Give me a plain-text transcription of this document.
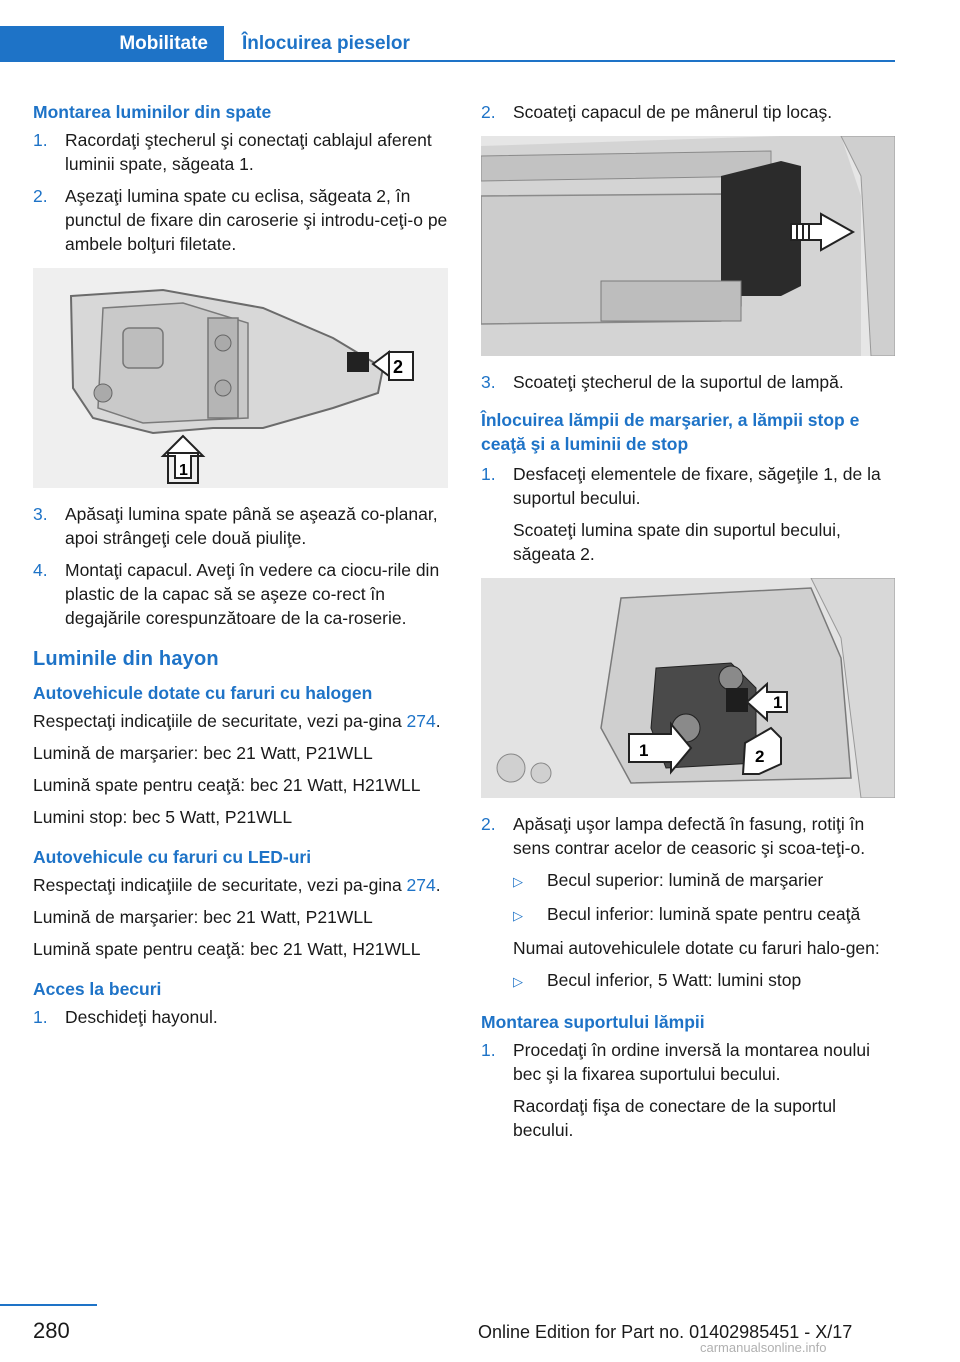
Mobilitate Înlocuirea pieselor
Montarea luminilor din spate
1. Racordaţi ştecherul şi conectaţi cablajul aferent luminii spate, săgeata 1.
2. Aşezaţi lumina spate cu eclisa, săgeata 2, în punctul de fixare din caroserie şi introdu‐ceţi-o pe ambele bolţuri filetate.
2
1
3. Apăsaţi lumina spate până se aşează co‐planar, apoi strângeţi cele două piuliţe.
4. Montaţi capacul. Aveţi în vedere ca ciocu‐rile din plastic de la capac să se aşeze co‐rect în degajările corespunzătoare de la ca‐roserie.
Luminile din hayon
Autovehicule dotate cu faruri cu halogen

Respectaţi indicaţiile de securitate, vezi pa‐gina 274.

Lumină de marşarier: bec 21 Watt, P21WLL

Lumină spate pentru ceaţă: bec 21 Watt, H21WLL

Lumini stop: bec 5 Watt, P21WLL

Autovehicule cu faruri cu LED-uri

Respectaţi indicaţiile de securitate, vezi pa‐gina 274.

Lumină de marşarier: bec 21 Watt, P21WLL

Lumină spate pentru ceaţă: bec 21 Watt, H21WLL

Acces la becuri
1. Deschideţi hayonul.
2. Scoateţi capacul de pe mânerul tip locaş.
3. Scoateţi ştecherul de la suportul de lampă.
Înlocuirea lămpii de marşarier, a lămpii stop e ceaţă şi a luminii de stop
1. Desfaceţi elementele de fixare, săgeţile 1, de la suportul becului.
Scoateţi lumina spate din suportul becului, săgeata 2.
1
1	2
2. Apăsaţi uşor lampa defectă în fasung, rotiţi în sens contrar acelor de ceasoric şi scoa‐teţi-o.
▷	Becul superior: lumină de marşarier
▷	Becul inferior: lumină spate pentru ceaţă
Numai autovehiculele dotate cu faruri halo‐gen:
▷	Becul inferior, 5 Watt: lumini stop
Montarea suportului lămpii
1. Procedaţi în ordine inversă la montarea noului bec şi la fixarea suportului becului.
Racordaţi fişa de conectare de la suportul becului.
280	Online Edition for Part no. 01402985451 - X/17
carmanualsonline.info
